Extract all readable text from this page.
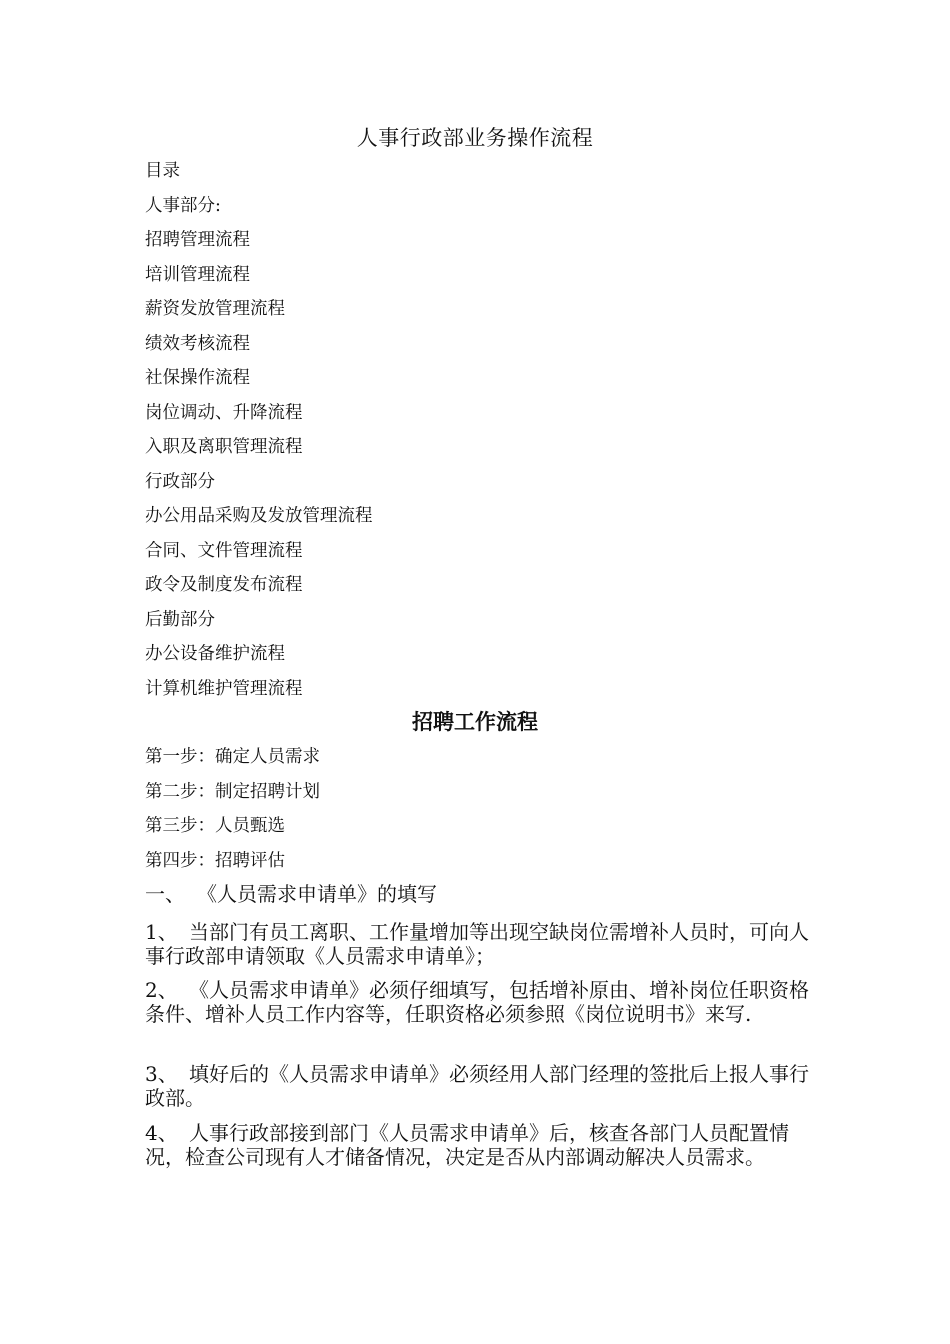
人事行政部业务操作流程
目录
人事部分:
招聘管理流程
培训管理流程
薪资发放管理流程
绩效考核流程
社保操作流程
岗位调动、升降流程
入职及离职管理流程
行政部分
办公用品采购及发放管理流程
合同、文件管理流程
政令及制度发布流程
后勤部分
办公设备维护流程
计算机维护管理流程
招聘工作流程
第一步：确定人员需求
第二步：制定招聘计划
第三步：人员甄选
第四步：招聘评估
一、 《人员需求申请单》的填写

1、 当部门有员工离职、工作量增加等出现空缺岗位需增补人员时，可向人事行政部申请领取《人员需求申请单》；

2、 《人员需求申请单》必须仔细填写，包括增补原由、增补岗位任职资格条件、增补人员工作内容等，任职资格必须参照《岗位说明书》来写.

3、 填好后的《人员需求申请单》必须经用人部门经理的签批后上报人事行政部。

4、 人事行政部接到部门《人员需求申请单》后，核查各部门人员配置情况，检查公司现有人才储备情况，决定是否从内部调动解决人员需求。
